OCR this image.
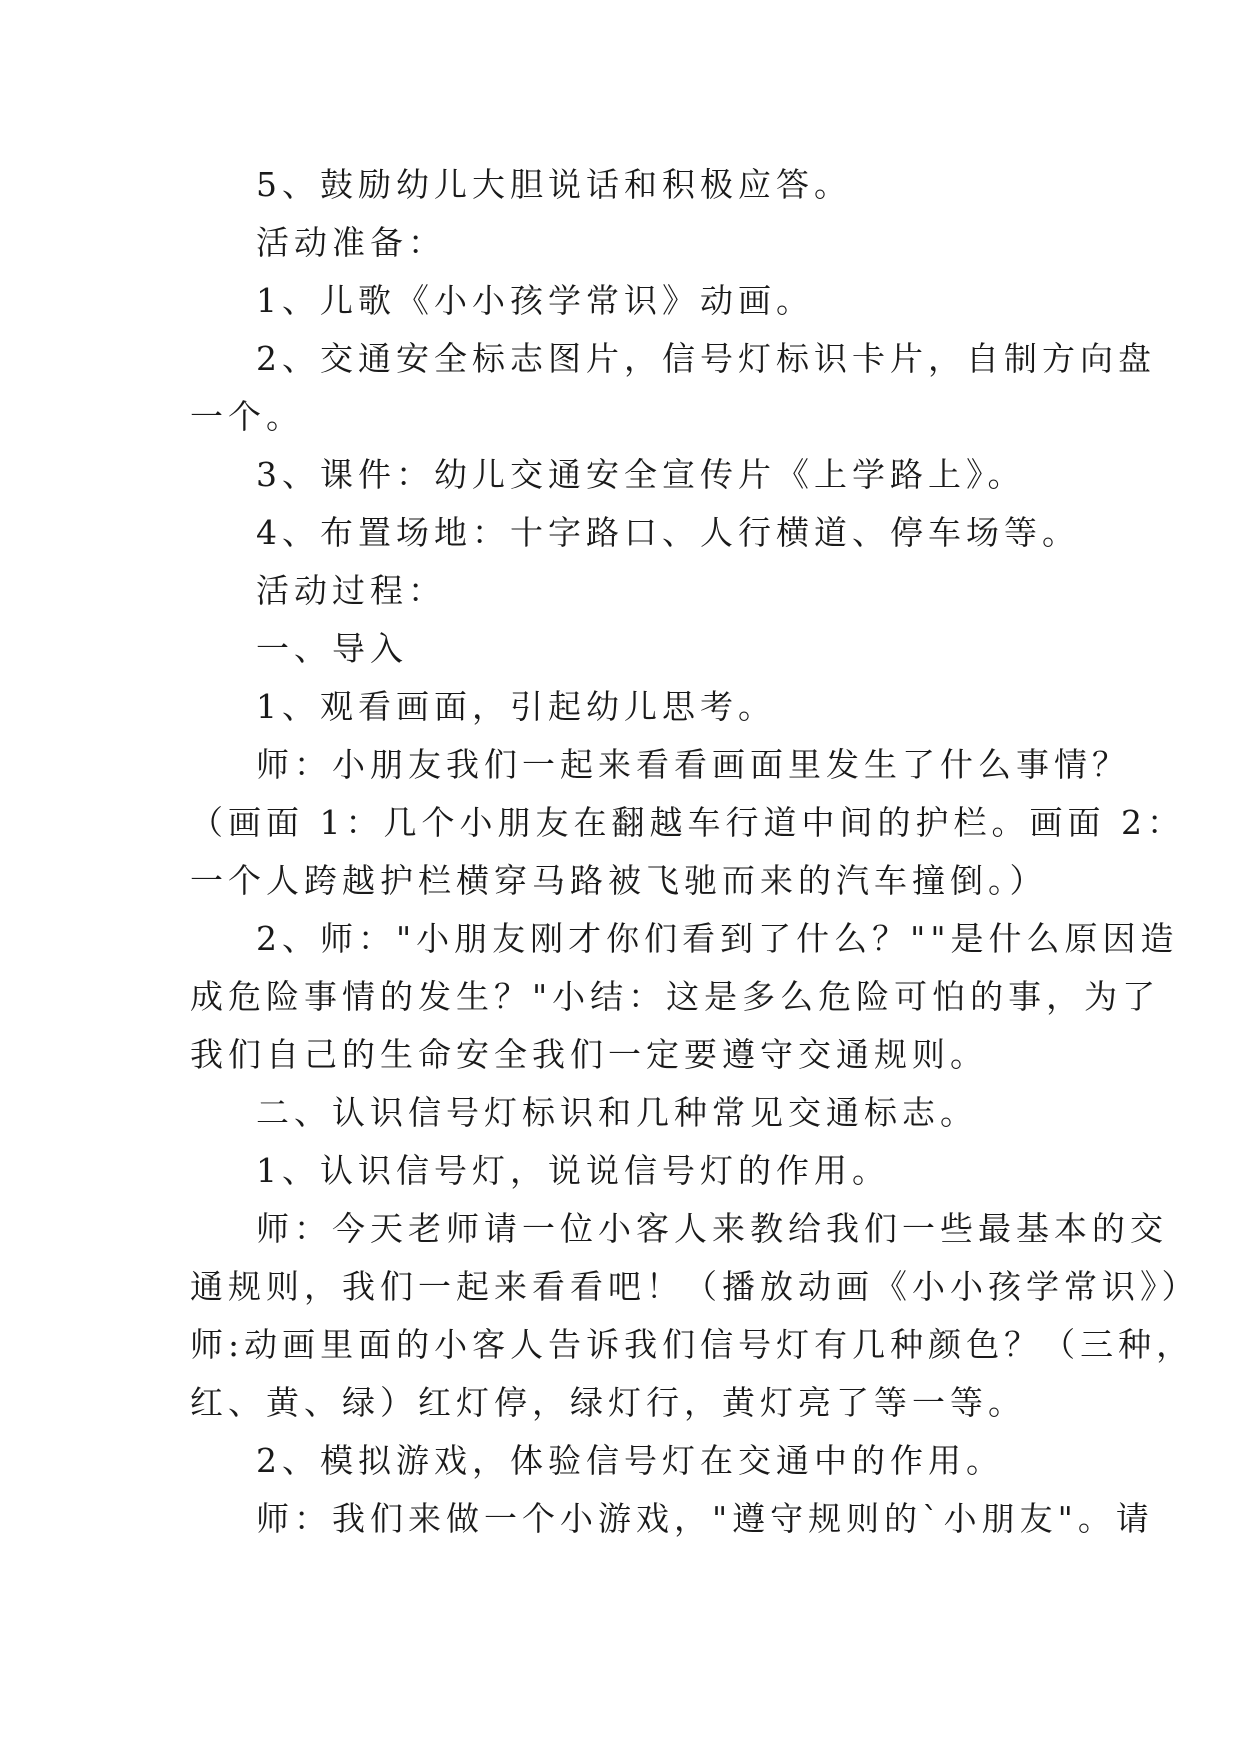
5、鼓励幼儿大胆说话和积极应答。
活动准备：
1、儿歌《小小孩学常识》动画。
2、交通安全标志图片，信号灯标识卡片，自制方向盘
一个。
3、课件：幼儿交通安全宣传片《上学路上》。
4、布置场地：十字路口、人行横道、停车场等。
活动过程：
一、导入
1、观看画面，引起幼儿思考。
师：小朋友我们一起来看看画面里发生了什么事情？
（画面 1：几个小朋友在翻越车行道中间的护栏。画面 2：
一个人跨越护栏横穿马路被飞驰而来的汽车撞倒。）
2、师："小朋友刚才你们看到了什么？""是什么原因造
成危险事情的发生？"小结：这是多么危险可怕的事，为了
我们自己的生命安全我们一定要遵守交通规则。
二、认识信号灯标识和几种常见交通标志。
1、认识信号灯，说说信号灯的作用。
师：今天老师请一位小客人来教给我们一些最基本的交
通规则，我们一起来看看吧！（播放动画《小小孩学常识》）
师:动画里面的小客人告诉我们信号灯有几种颜色？（三种，
红、黄、绿）红灯停，绿灯行，黄灯亮了等一等。
2、模拟游戏，体验信号灯在交通中的作用。
师：我们来做一个小游戏，"遵守规则的`小朋友"。请
